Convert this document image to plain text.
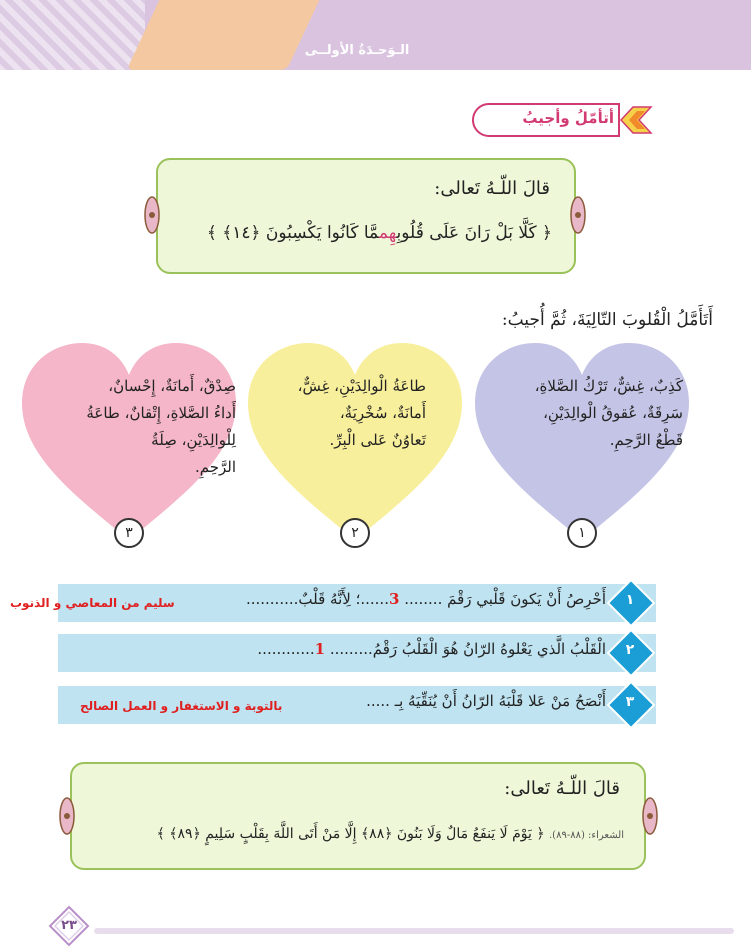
الـوَحـدَةُ الأولــى
أتأمّلُ وأجيبُ
قالَ اللّـهُ تَعالى:
﴿ كَلَّا بَلْ رَانَ عَلَى قُلُوبِهِممَّا كَانُوا يَكْسِبُونَ ﴿١٤﴾ ﴾
أَتَأَمَّلُ الْقُلوبَ التّالِيَةَ، ثُمَّ أُجيبُ:
كَذِبٌ، غِشٌّ، تَرْكُ الصَّلاةِ،
سَرِقَةٌ، عُقوقُ الْوالِدَيْنِ،
قَطْعُ الرَّحِمِ.
١
طاعَةُ الْوالِدَيْنِ، غِشٌّ،
أَمانَةٌ، سُخْرِيَةٌ،
تَعاوُنٌ عَلى الْبِرِّ.
٢
صِدْقٌ، أَمانَةٌ، إِحْسانٌ،
أَداءُ الصَّلاةِ، إِتْقانٌ، طاعَةُ
لِلْوالِدَيْنِ، صِلَةُ
الرَّحِمِ.
٣
أَحْرِصُ أَنْ يَكونَ قَلْبي رَقْمَ ........ 3......؛ لِأَنَّهُ قَلْبٌ...........	١
سليم من المعاصي و الذنوب
الْقَلْبُ الَّذي يَعْلوهُ الرّانُ هُوَ الْقَلْبُ رَقْمُ......... 1............	٢
أَنْصَحُ مَنْ عَلا قَلْبَهُ الرّانُ أَنْ يُنَقِّيَهُ بِـ .....	٣
بالتوبة و الاستغفار و العمل الصالح
قالَ اللّـهُ تَعالى:
الشعراء: (٨٨-٨٩). ﴿ يَوْمَ لَا يَنفَعُ مَالٌ وَلَا بَنُونَ ﴿٨٨﴾ إِلَّا مَنْ أَتَى اللَّهَ بِقَلْبٍ سَلِيمٍ ﴿٨٩﴾ ﴾
٢٣
